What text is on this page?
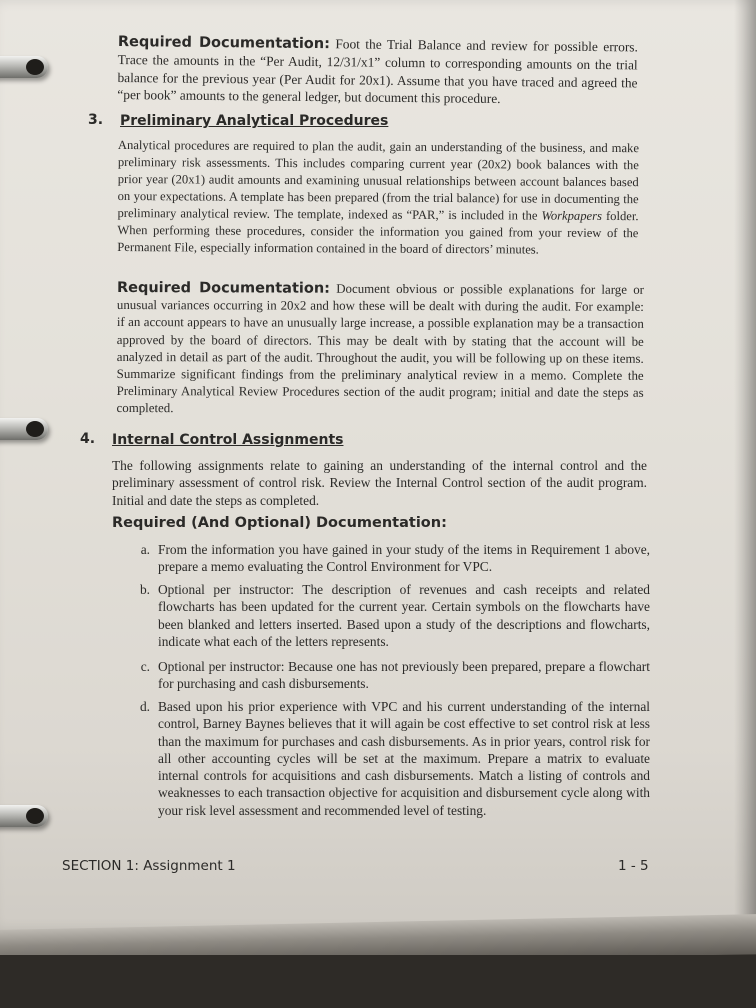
Required Documentation: Foot the Trial Balance and review for possible errors. Trace the amounts in the “Per Audit, 12/31/x1” column to corresponding amounts on the trial balance for the previous year (Per Audit for 20x1). Assume that you have traced and agreed the “per book” amounts to the general ledger, but document this procedure.

3. Preliminary Analytical Procedures

Analytical procedures are required to plan the audit, gain an understanding of the business, and make preliminary risk assessments. This includes comparing current year (20x2) book balances with the prior year (20x1) audit amounts and examining unusual relationships between account balances based on your expectations. A template has been prepared (from the trial balance) for use in documenting the preliminary analytical review. The template, indexed as “PAR,” is included in the Workpapers folder. When performing these procedures, consider the information you gained from your review of the Permanent File, especially information contained in the board of directors’ minutes.

Required Documentation: Document obvious or possible explanations for large or unusual variances occurring in 20x2 and how these will be dealt with during the audit. For example: if an account appears to have an unusually large increase, a possible explanation may be a transaction approved by the board of directors. This may be dealt with by stating that the account will be analyzed in detail as part of the audit. Throughout the audit, you will be following up on these items. Summarize significant findings from the preliminary analytical review in a memo. Complete the Preliminary Analytical Review Procedures section of the audit program; initial and date the steps as completed.

4. Internal Control Assignments

The following assignments relate to gaining an understanding of the internal control and the preliminary assessment of control risk. Review the Internal Control section of the audit program. Initial and date the steps as completed.

Required (And Optional) Documentation:
a. From the information you have gained in your study of the items in Requirement 1 above, prepare a memo evaluating the Control Environment for VPC.
b. Optional per instructor: The description of revenues and cash receipts and related flowcharts has been updated for the current year. Certain symbols on the flowcharts have been blanked and letters inserted. Based upon a study of the descriptions and flowcharts, indicate what each of the letters represents.
c. Optional per instructor: Because one has not previously been prepared, prepare a flowchart for purchasing and cash disbursements.
d. Based upon his prior experience with VPC and his current understanding of the internal control, Barney Baynes believes that it will again be cost effective to set control risk at less than the maximum for purchases and cash disbursements. As in prior years, control risk for all other accounting cycles will be set at the maximum. Prepare a matrix to evaluate internal controls for acquisitions and cash disbursements. Match a listing of controls and weaknesses to each transaction objective for acquisition and disbursement cycle along with your risk level assessment and recommended level of testing.
SECTION 1: Assignment 1	1 - 5
